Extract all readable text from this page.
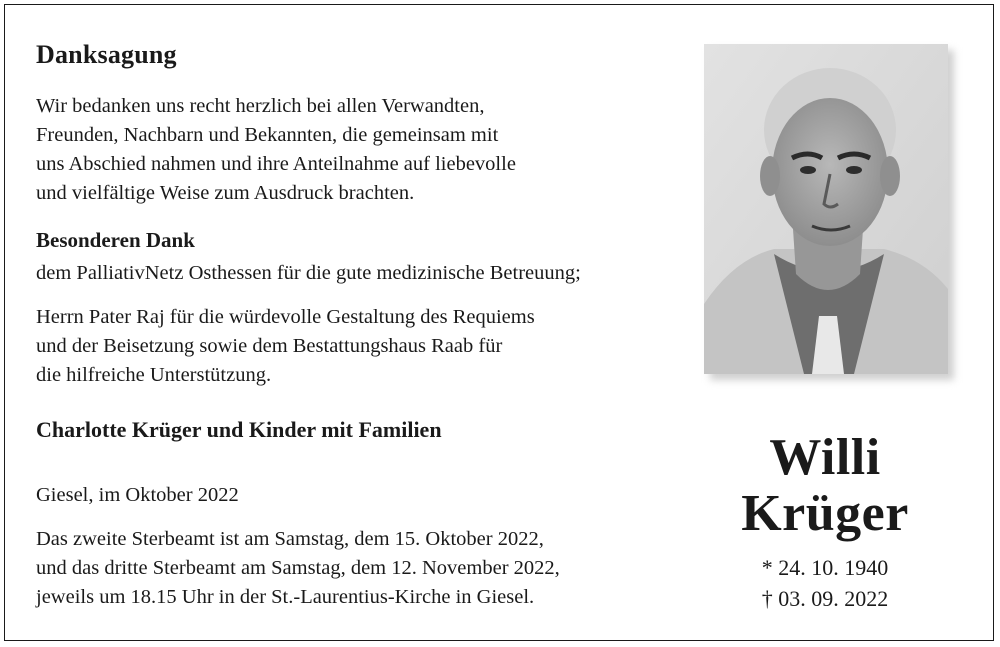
Danksagung
Wir bedanken uns recht herzlich bei allen Verwandten,
Freunden, Nachbarn und Bekannten, die gemeinsam mit
uns Abschied nahmen und ihre Anteilnahme auf liebevolle
und vielfältige Weise zum Ausdruck brachten.
Besonderen Dank
dem PalliativNetz Osthessen für die gute medizinische Betreuung;
Herrn Pater Raj für die würdevolle Gestaltung des Requiems
und der Beisetzung sowie dem Bestattungshaus Raab für
die hilfreiche Unterstützung.
Charlotte Krüger und Kinder mit Familien
Giesel, im Oktober 2022
Das zweite Sterbeamt ist am Samstag, dem 15. Oktober 2022,
und das dritte Sterbeamt am Samstag, dem 12. November 2022,
jeweils um 18.15 Uhr in der St.-Laurentius-Kirche in Giesel.
Willi
Krüger
* 24. 10. 1940
† 03. 09. 2022
